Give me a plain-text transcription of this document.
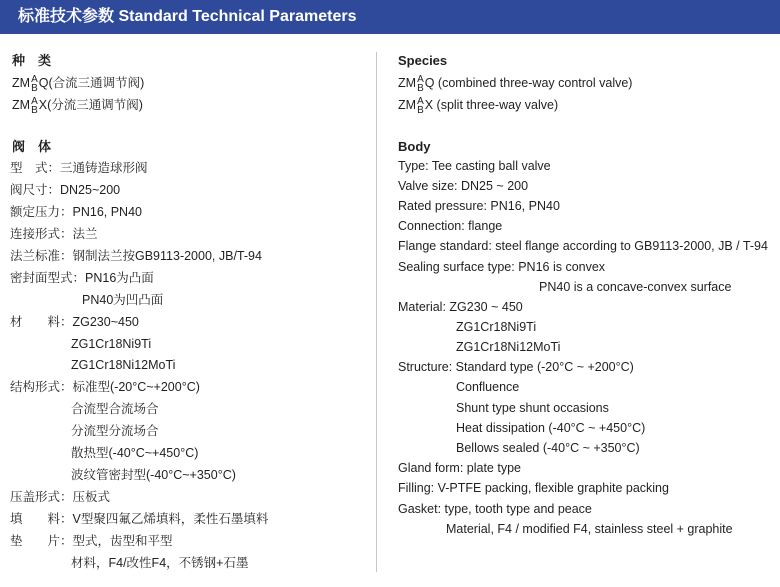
标准技术参数 Standard Technical Parameters
种　类
ZM A
B Q(合流三通调节阀)
ZM A
B X(分流三通调节阀)
阀　体
型　式：三通铸造球形阀
阀尺寸：DN25~200
额定压力：PN16, PN40
连接形式：法兰
法兰标准：钢制法兰按GB9113-2000, JB/T-94
密封面型式：PN16为凸面
PN40为凹凸面
材　　料：ZG230~450
ZG1Cr18Ni9Ti
ZG1Cr18Ni12MoTi
结构形式：标准型(-20°C~+200°C)
合流型合流场合
分流型分流场合
散热型(-40°C~+450°C)
波纹管密封型(-40°C~+350°C)
压盖形式：压板式
填　　料：V型聚四氟乙烯填料，柔性石墨填料
垫　　片：型式，齿型和平型
材料，F4/改性F4，不锈钢+石墨
Species
ZM A
B Q (combined three-way control valve)
ZM A
B X (split three-way valve)
Body
Type: Tee casting ball valve
Valve size: DN25 ~ 200
Rated pressure: PN16, PN40
Connection: flange
Flange standard: steel flange according to GB9113-2000, JB / T-94
Sealing surface type: PN16 is convex
PN40 is a concave-convex surface
Material: ZG230 ~ 450
ZG1Cr18Ni9Ti
ZG1Cr18Ni12MoTi
Structure: Standard type (-20°C ~ +200°C)
Confluence
Shunt type shunt occasions
Heat dissipation (-40°C ~ +450°C)
Bellows sealed (-40°C ~ +350°C)
Gland form: plate type
Filling: V-PTFE packing, flexible graphite packing
Gasket: type, tooth type and peace
Material, F4 / modified F4, stainless steel + graphite
